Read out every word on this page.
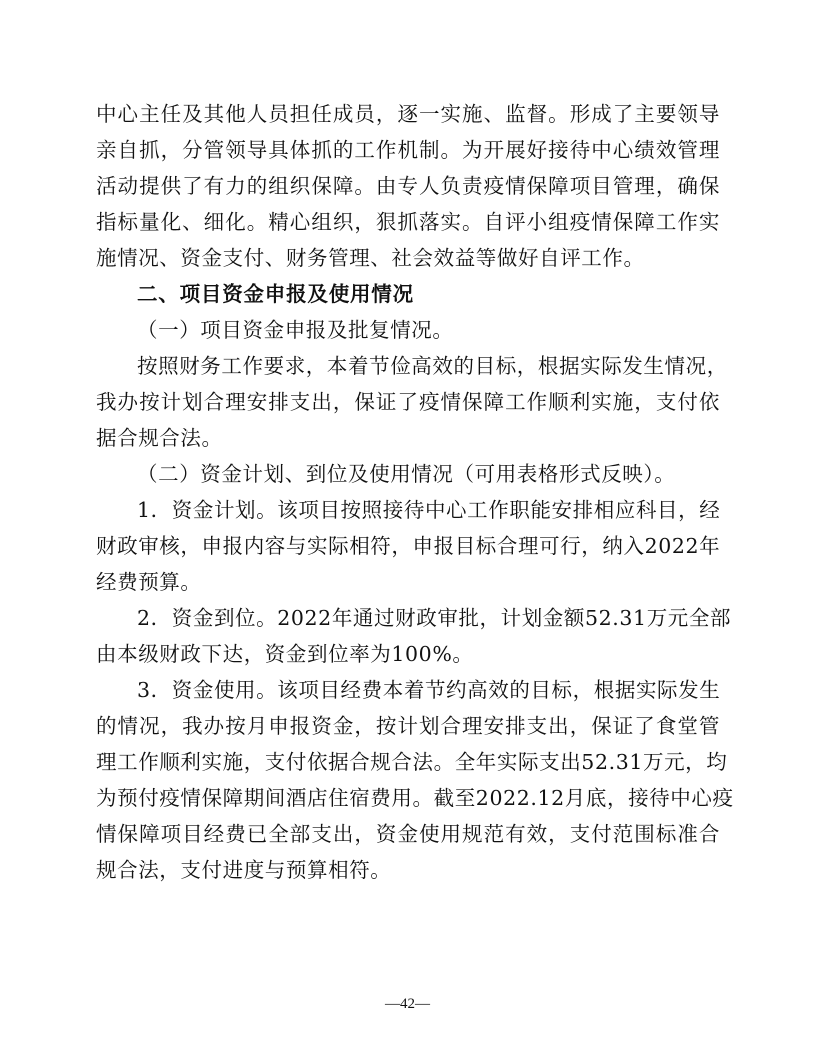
中心主任及其他人员担任成员，逐一实施、监督。形成了主要领导
亲自抓，分管领导具体抓的工作机制。为开展好接待中心绩效管理
活动提供了有力的组织保障。由专人负责疫情保障项目管理，确保
指标量化、细化。精心组织，狠抓落实。自评小组疫情保障工作实
施情况、资金支付、财务管理、社会效益等做好自评工作。
二、项目资金申报及使用情况
（一）项目资金申报及批复情况。
按照财务工作要求，本着节俭高效的目标，根据实际发生情况，
我办按计划合理安排支出，保证了疫情保障工作顺利实施，支付依
据合规合法。
（二）资金计划、到位及使用情况（可用表格形式反映）。
1．资金计划。该项目按照接待中心工作职能安排相应科目，经
财政审核，申报内容与实际相符，申报目标合理可行，纳入2022年
经费预算。
2．资金到位。2022年通过财政审批，计划金额52.31万元全部
由本级财政下达，资金到位率为100%。
3．资金使用。该项目经费本着节约高效的目标，根据实际发生
的情况，我办按月申报资金，按计划合理安排支出，保证了食堂管
理工作顺利实施，支付依据合规合法。全年实际支出52.31万元，均
为预付疫情保障期间酒店住宿费用。截至2022.12月底，接待中心疫
情保障项目经费已全部支出，资金使用规范有效，支付范围标准合
规合法，支付进度与预算相符。
—42—
